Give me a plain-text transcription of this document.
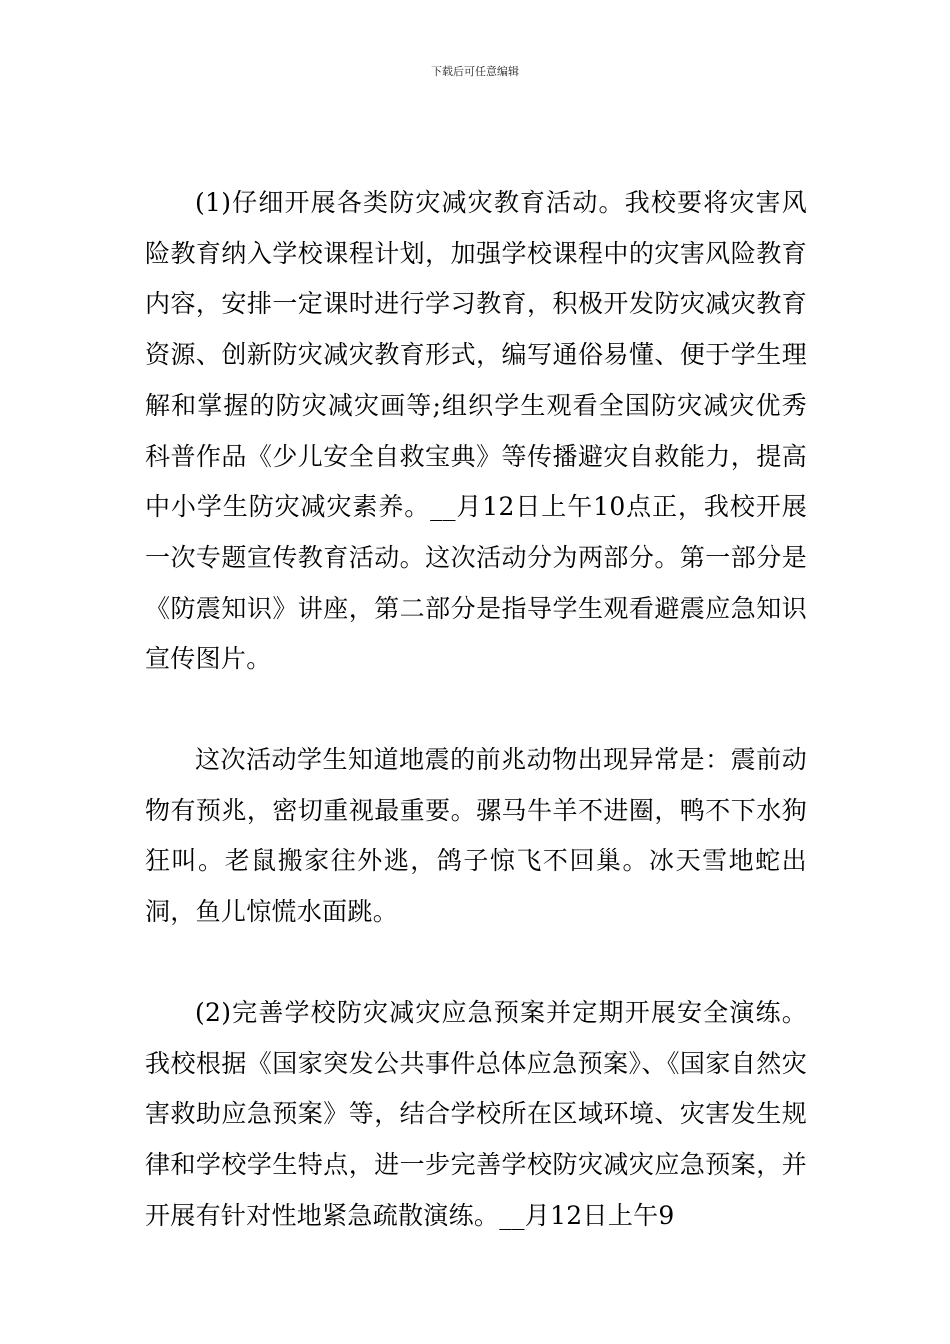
下载后可任意编辑

(1)仔细开展各类防灾减灾教育活动。我校要将灾害风险教育纳入学校课程计划，加强学校课程中的灾害风险教育内容，安排一定课时进行学习教育，积极开发防灾减灾教育资源、创新防灾减灾教育形式，编写通俗易懂、便于学生理解和掌握的防灾减灾画等;组织学生观看全国防灾减灾优秀科普作品《少儿安全自救宝典》等传播避灾自救能力，提高中小学生防灾减灾素养。__月12日上午10点正，我校开展一次专题宣传教育活动。这次活动分为两部分。第一部分是《防震知识》讲座，第二部分是指导学生观看避震应急知识宣传图片。

这次活动学生知道地震的前兆动物出现异常是：震前动物有预兆，密切重视最重要。骡马牛羊不进圈，鸭不下水狗狂叫。老鼠搬家往外逃，鸽子惊飞不回巢。冰天雪地蛇出洞，鱼儿惊慌水面跳。

(2)完善学校防灾减灾应急预案并定期开展安全演练。我校根据《国家突发公共事件总体应急预案》、《国家自然灾害救助应急预案》等，结合学校所在区域环境、灾害发生规律和学校学生特点，进一步完善学校防灾减灾应急预案，并开展有针对性地紧急疏散演练。__月12日上午9
